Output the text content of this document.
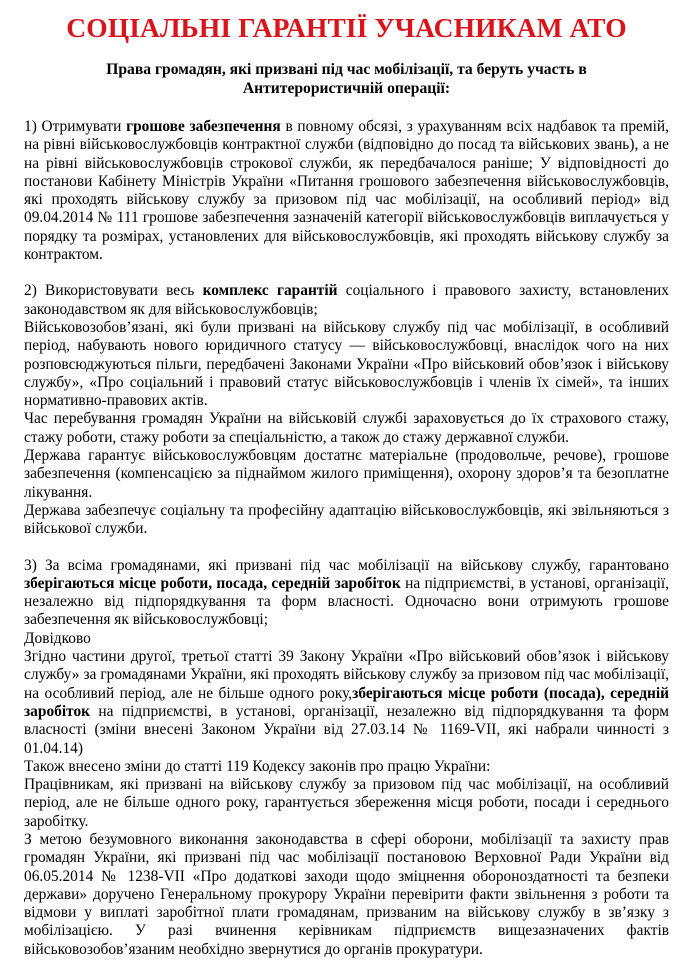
СОЦІАЛЬНІ ГАРАНТІЇ УЧАСНИКАМ АТО
Права громадян, які призвані під час мобілізації, та беруть участь в Антитерористичній операції:

1) Отримувати грошове забезпечення в повному обсязі, з урахуванням всіх надбавок та премій, на рівні військовослужбовців контрактної служби (відповідно до посад та військових звань), а не на рівні військовослужбовців строкової служби, як передбачалося раніше; У відповідності до постанови Кабінету Міністрів України «Питання грошового забезпечення військовослужбовців, які проходять військову службу за призовом під час мобілізації, на особливий період» від 09.04.2014 № 111 грошове забезпечення зазначеній категорії військовослужбовців виплачується у порядку та розмірах, установлених для військовослужбовців, які проходять військову службу за контрактом.

2) Використовувати весь комплекс гарантій соціального і правового захисту, встановлених законодавством як для військовослужбовців;

Військовозобов’язані, які були призвані на військову службу під час мобілізації, в особливий період, набувають нового юридичного статусу — військовослужбовці, внаслідок чого на них розповсюджуються пільги, передбачені Законами України «Про військовий обов’язок і військову службу», «Про соціальний і правовий статус військовослужбовців і членів їх сімей», та інших нормативно-правових актів.

Час перебування громадян України на військовій службі зараховується до їх страхового стажу, стажу роботи, стажу роботи за спеціальністю, а також до стажу державної служби.

Держава гарантує військовослужбовцям достатнє матеріальне (продовольче, речове), грошове забезпечення (компенсацією за піднаймом жилого приміщення), охорону здоров’я та безоплатне лікування.

Держава забезпечує соціальну та професійну адаптацію військовослужбовців, які звільняються з військової служби.

3) За всіма громадянами, які призвані під час мобілізації на військову службу, гарантовано зберігаються місце роботи, посада, середній заробіток на підприємстві, в установі, організації, незалежно від підпорядкування та форм власності. Одночасно вони отримують грошове забезпечення як військовослужбовці;

Довідково

Згідно частини другої, третьої статті 39 Закону України «Про військовий обов’язок і військову службу» за громадянами України, які проходять військову службу за призовом під час мобілізації, на особливий період, але не більше одного року,зберігаються місце роботи (посада), середній заробіток на підприємстві, в установі, організації, незалежно від підпорядкування та форм власності (зміни внесені Законом України від 27.03.14 № 1169-VII, які набрали чинності з 01.04.14)

Також внесено зміни до статті 119 Кодексу законів про працю України:

Працівникам, які призвані на військову службу за призовом під час мобілізації, на особливий період, але не більше одного року, гарантується збереження місця роботи, посади і середнього заробітку.

З метою безумовного виконання законодавства в сфері оборони, мобілізації та захисту прав громадян України, які призвані під час мобілізації постановою Верховної Ради України від 06.05.2014 № 1238-VII «Про додаткові заходи щодо зміцнення обороноздатності та безпеки держави» доручено Генеральному прокурору України перевірити факти звільнення з роботи та відмови у виплаті заробітної плати громадянам, призваним на військову службу в зв’язку з мобілізацією. У разі вчинення керівникам підприємств вищезазначених фактів військовозобов’язаним необхідно звернутися до органів прокуратури.
